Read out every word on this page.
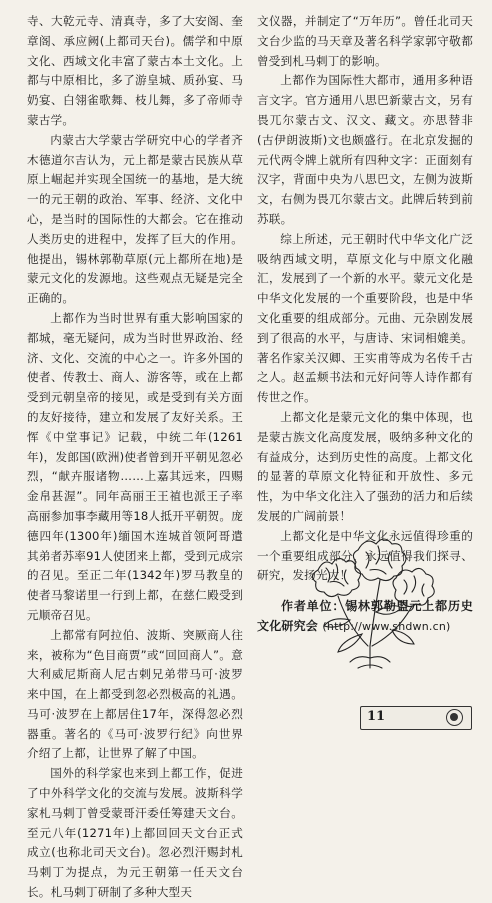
寺、大乾元寺、清真寺，多了大安阁、奎章阁、承应阙(上都司天台)。儒学和中原文化、西域文化丰富了蒙古本土文化。上都与中原相比，多了游皇城、质孙宴、马奶宴、白翎雀歌舞、枝儿舞，多了帝师寺蒙古学。

内蒙古大学蒙古学研究中心的学者齐木德道尔吉认为，元上都是蒙古民族从草原上崛起并实现全国统一的基地，是大统一的元王朝的政治、军事、经济、文化中心，是当时的国际性的大都会。它在推动人类历史的进程中，发挥了巨大的作用。他提出，锡林郭勒草原(元上都所在地)是蒙元文化的发源地。这些观点无疑是完全正确的。

上都作为当时世界有重大影响国家的都城，毫无疑问，成为当时世界政治、经济、文化、交流的中心之一。许多外国的使者、传教士、商人、游客等，或在上都受到元朝皇帝的接见，或是受到有关方面的友好接待，建立和发展了友好关系。王恽《中堂事记》记载，中统二年(1261年)，发郎国(欧洲)使者曾到开平朝见忽必烈，“献卉服诸物……上嘉其远来，四赐金帛甚渥”。同年高丽王王禃也派王子率高丽参加事李藏用等18人抵开平朝贺。庞德四年(1300年)缅国木连城首领阿哥遣其弟者苏率91人使团来上都，受到元成宗的召见。至正二年(1342年)罗马教皇的使者马黎诺里一行到上都，在慈仁殿受到元顺帝召见。

上都常有阿拉伯、波斯、突厥商人往来，被称为“色目商贾”或“回回商人”。意大利威尼斯商人尼古剌兄弟带马可·波罗来中国，在上都受到忽必烈极高的礼遇。马可·波罗在上都居住17年，深得忽必烈器重。著名的《马可·波罗行纪》向世界介绍了上都，让世界了解了中国。

国外的科学家也来到上都工作，促进了中外科学文化的交流与发展。波斯科学家札马剌丁曾受蒙哥汗委任筹建天文台。至元八年(1271年)上都回回天文台正式成立(也称北司天文台)。忽必烈汗赐封札马剌丁为提点，为元王朝第一任天文台长。札马剌丁研制了多种大型天

文仪器，并制定了“万年历”。曾任北司天文台少监的马天章及著名科学家郭守敬都曾受到札马剌丁的影响。

上都作为国际性大都市，通用多种语言文字。官方通用八思巴新蒙古文，另有畏兀尔蒙古文、汉文、藏文。亦思替非(古伊朗波斯)文也颇盛行。在北京发掘的元代两令牌上就所有四种文字：正面刻有汉字，背面中央为八思巴文，左侧为波斯文，右侧为畏兀尔蒙古文。此牌后转到前苏联。

综上所述，元王朝时代中华文化广泛吸纳西域文明，草原文化与中原文化融汇，发展到了一个新的水平。蒙元文化是中华文化发展的一个重要阶段，也是中华文化重要的组成部分。元曲、元杂剧发展到了很高的水平，与唐诗、宋词相媲美。著名作家关汉卿、王实甫等成为名传千古之人。赵孟𫖯书法和元好问等人诗作都有传世之作。

上都文化是蒙元文化的集中体现，也是蒙古族文化高度发展，吸纳多种文化的有益成分，达到历史性的高度。上都文化的显著的草原文化特征和开放性、多元性，为中华文化注入了强劲的活力和后续发展的广阔前景！

上都文化是中华文化永远值得珍重的一个重要组成部分，永远值得我们探寻、研究，发扬光大！

作者单位：锡林郭勒盟元上都历史文化研究会 (http://www.shdwn.cn)
11
